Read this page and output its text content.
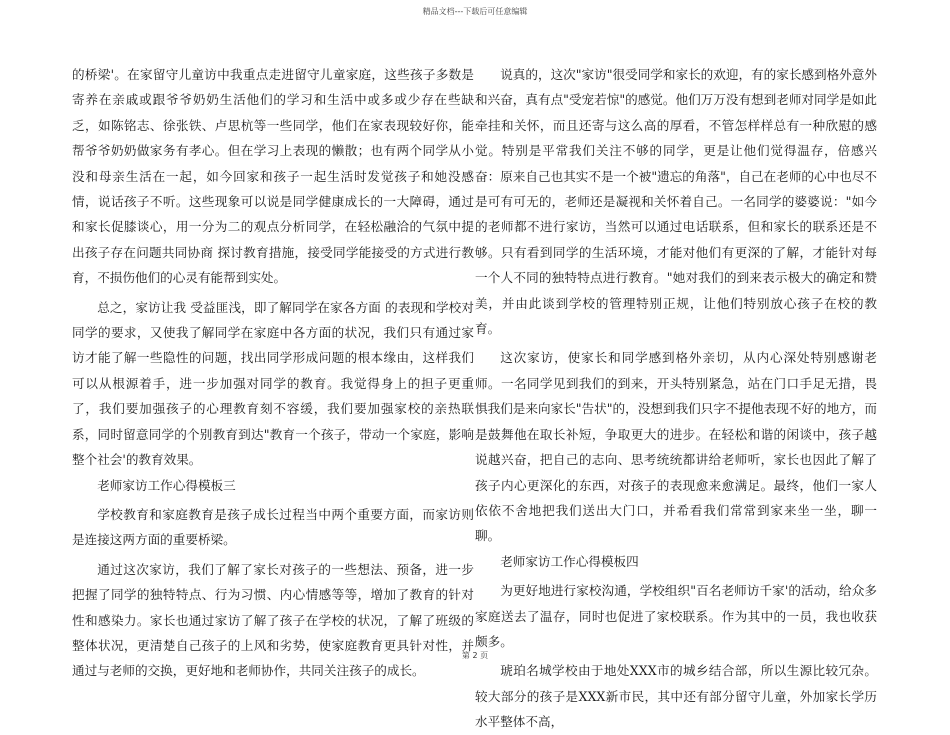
精品文档---下载后可任意编辑

的桥梁'。在家留守儿童访中我重点走进留守儿童家庭，这些孩子多数是寄养在亲戚或跟爷爷奶奶生活他们的学习和生活中或多或少存在些缺乏，如陈铭志、徐张铁、卢思杭等一些同学，他们在家表现较好你，能帮爷爷奶奶做家务有孝心。但在学习上表现的懒散；也有两个同学从小没和母亲生活在一起，如今回家和孩子一起生活时发觉孩子和她没感情，说话孩子不听。这些现象可以说是同学健康成长的一大障碍，通过和家长促膝谈心，用一分为二的观点分析同学，在轻松融洽的气氛中提出孩子存在问题共同协商 探讨教育措施，接受同学能接受的方式进行教育，不损伤他们的心灵有能帮到实处。

总之，家访让我 受益匪浅，即了解同学在家各方面 的表现和学校对同学的要求，又使我了解同学在家庭中各方面的状况，我们只有通过家访才能了解一些隐性的问题，找出同学形成问题的根本缘由，这样我们可以从根源着手，进一步加强对同学的教育。我觉得身上的担子更重了，我们要加强孩子的心理教育刻不容缓，我们要加强家校的亲热联系，同时留意同学的个别教育到达"教育一个孩子，带动一个家庭，影响整个社会'的教育效果。

老师家访工作心得模板三

学校教育和家庭教育是孩子成长过程当中两个重要方面，而家访则是连接这两方面的重要桥梁。

通过这次家访，我们了解了家长对孩子的一些想法、预备，进一步把握了同学的独特特点、行为习惯、内心情感等等，增加了教育的针对性和感染力。家长也通过家访了解了孩子在学校的状况，了解了班级的整体状况，更清楚自己孩子的上风和劣势，使家庭教育更具针对性，并通过与老师的交换，更好地和老师协作，共同关注孩子的成长。

说真的，这次"家访"很受同学和家长的欢迎，有的家长感到格外意外和兴奋，真有点"受宠若惊"的感觉。他们万万没有想到老师对同学是如此牵挂和关怀，而且还寄与这么高的厚看，不管怎样样总有一种欣慰的感觉。特别是平常我们关注不够的同学，更是让他们觉得温存，倍感兴奋：原来自己也其实不是一个被"遗忘的角落"，自己在老师的心中也尽不是可有可无的，老师还是凝视和关怀着自己。一名同学的婆婆说："如今的老师都不进行家访，当然可以通过电话联系，但和家长的联系还是不够。只有看到同学的生活环境，才能对他们有更深的了解，才能针对每一个人不同的独特特点进行教育。"她对我们的到来表示极大的确定和赞美，并由此谈到学校的管理特别正规，让他们特别放心孩子在校的教育。

这次家访，使家长和同学感到格外亲切，从内心深处特别感谢老师。一名同学见到我们的到来，开头特别紧急，站在门口手足无措，畏惧我们是来向家长"告状"的，没想到我们只字不提他表现不好的地方，而是鼓舞他在取长补短，争取更大的进步。在轻松和谐的闲谈中，孩子越说越兴奋，把自己的志向、思考统统都讲给老师听，家长也因此了解了孩子内心更深化的东西，对孩子的表现愈来愈满足。最终，他们一家人依依不舍地把我们送出大门口，并希看我们常常到家来坐一坐，聊一聊。

老师家访工作心得模板四

为更好地进行家校沟通，学校组织"百名老师访千家'的活动，给众多家庭送去了温存，同时也促进了家校联系。作为其中的一员，我也收获颇多。

琥珀名城学校由于地处XXX市的城乡结合部，所以生源比较冗杂。较大部分的孩子是XXX新市民，其中还有部分留守儿童，外加家长学历水平整体不高，

第 2 页
